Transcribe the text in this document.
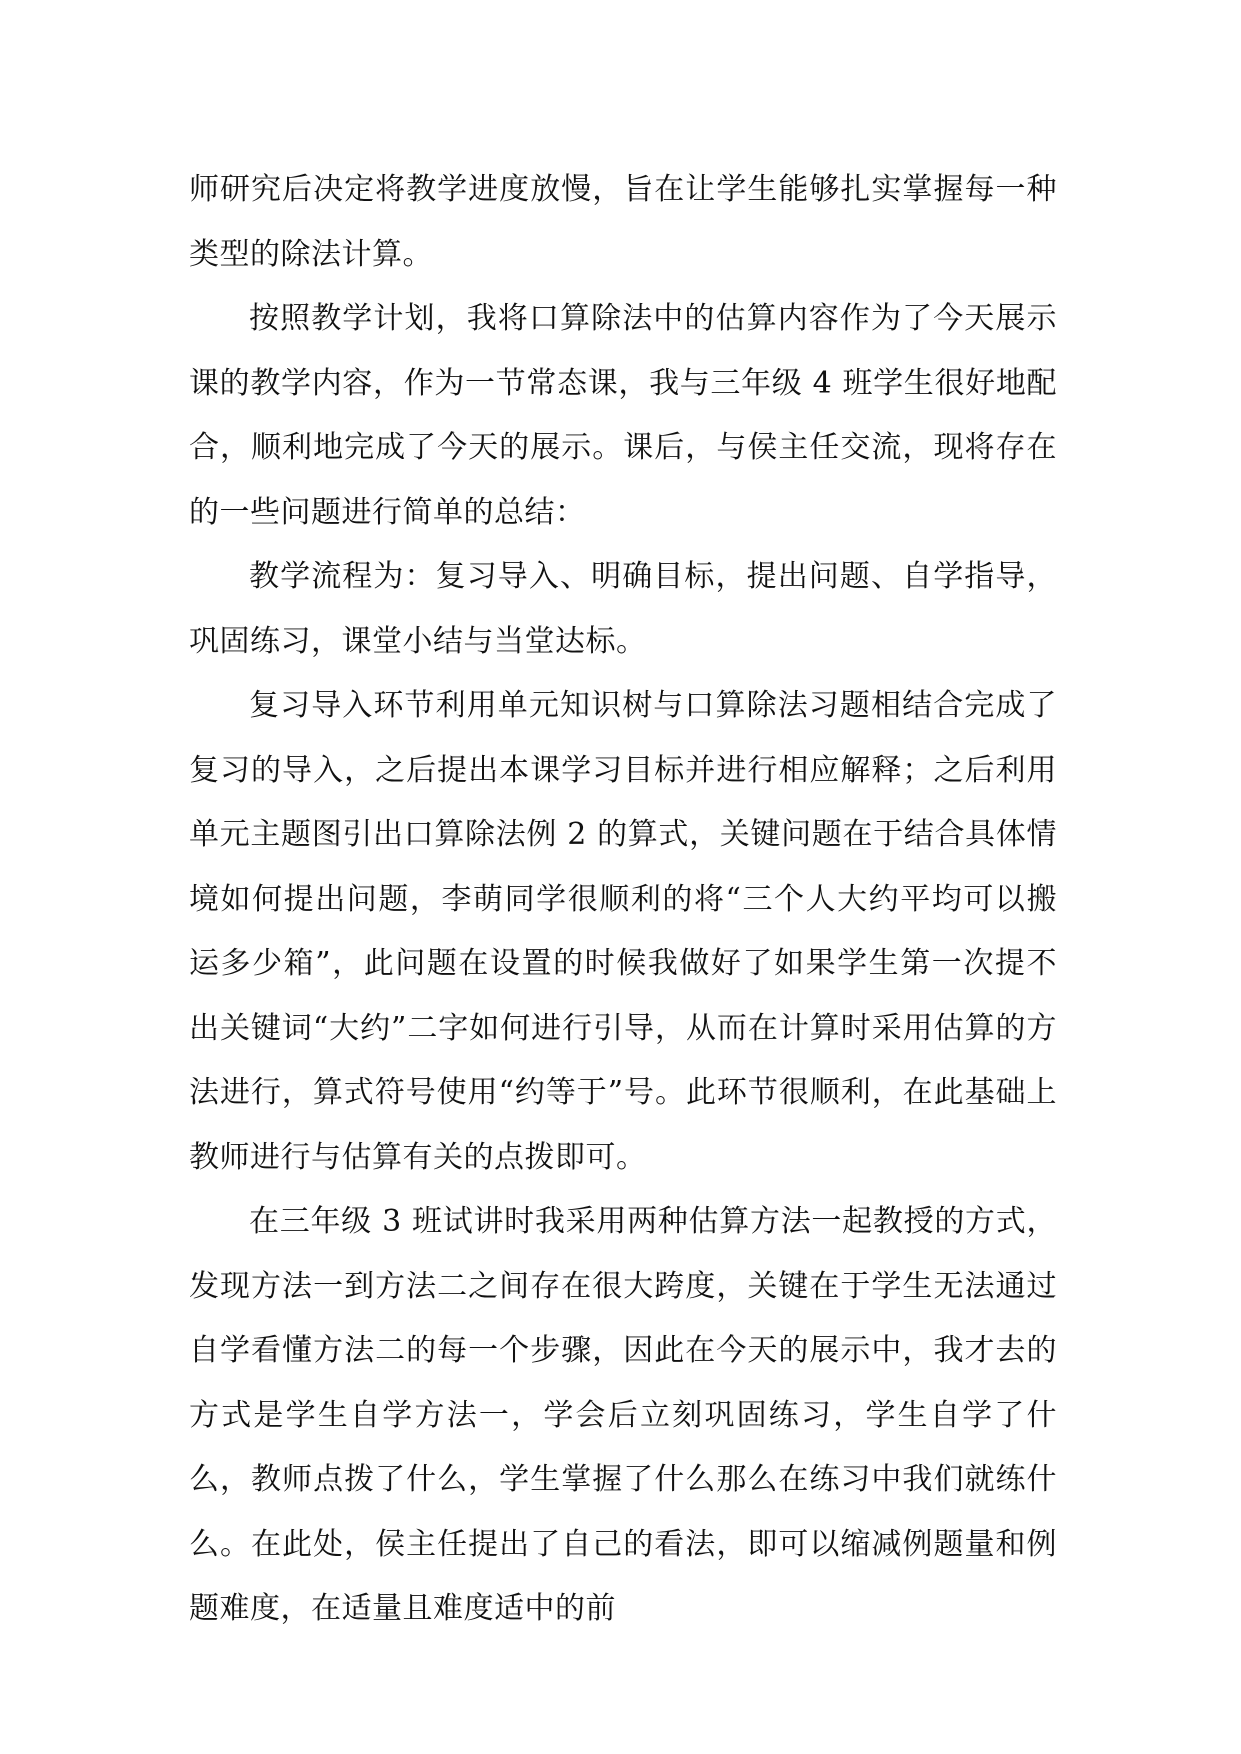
师研究后决定将教学进度放慢，旨在让学生能够扎实掌握每一种类型的除法计算。

按照教学计划，我将口算除法中的估算内容作为了今天展示课的教学内容，作为一节常态课，我与三年级 4 班学生很好地配合，顺利地完成了今天的展示。课后，与侯主任交流，现将存在的一些问题进行简单的总结：

教学流程为：复习导入、明确目标，提出问题、自学指导，巩固练习，课堂小结与当堂达标。

复习导入环节利用单元知识树与口算除法习题相结合完成了复习的导入，之后提出本课学习目标并进行相应解释；之后利用单元主题图引出口算除法例 2 的算式，关键问题在于结合具体情境如何提出问题，李萌同学很顺利的将“三个人大约平均可以搬运多少箱”，此问题在设置的时候我做好了如果学生第一次提不出关键词“大约”二字如何进行引导，从而在计算时采用估算的方法进行，算式符号使用“约等于”号。此环节很顺利，在此基础上教师进行与估算有关的点拨即可。

在三年级 3 班试讲时我采用两种估算方法一起教授的方式，发现方法一到方法二之间存在很大跨度，关键在于学生无法通过自学看懂方法二的每一个步骤，因此在今天的展示中，我才去的方式是学生自学方法一，学会后立刻巩固练习，学生自学了什么，教师点拨了什么，学生掌握了什么那么在练习中我们就练什么。在此处，侯主任提出了自己的看法，即可以缩减例题量和例题难度，在适量且难度适中的前
